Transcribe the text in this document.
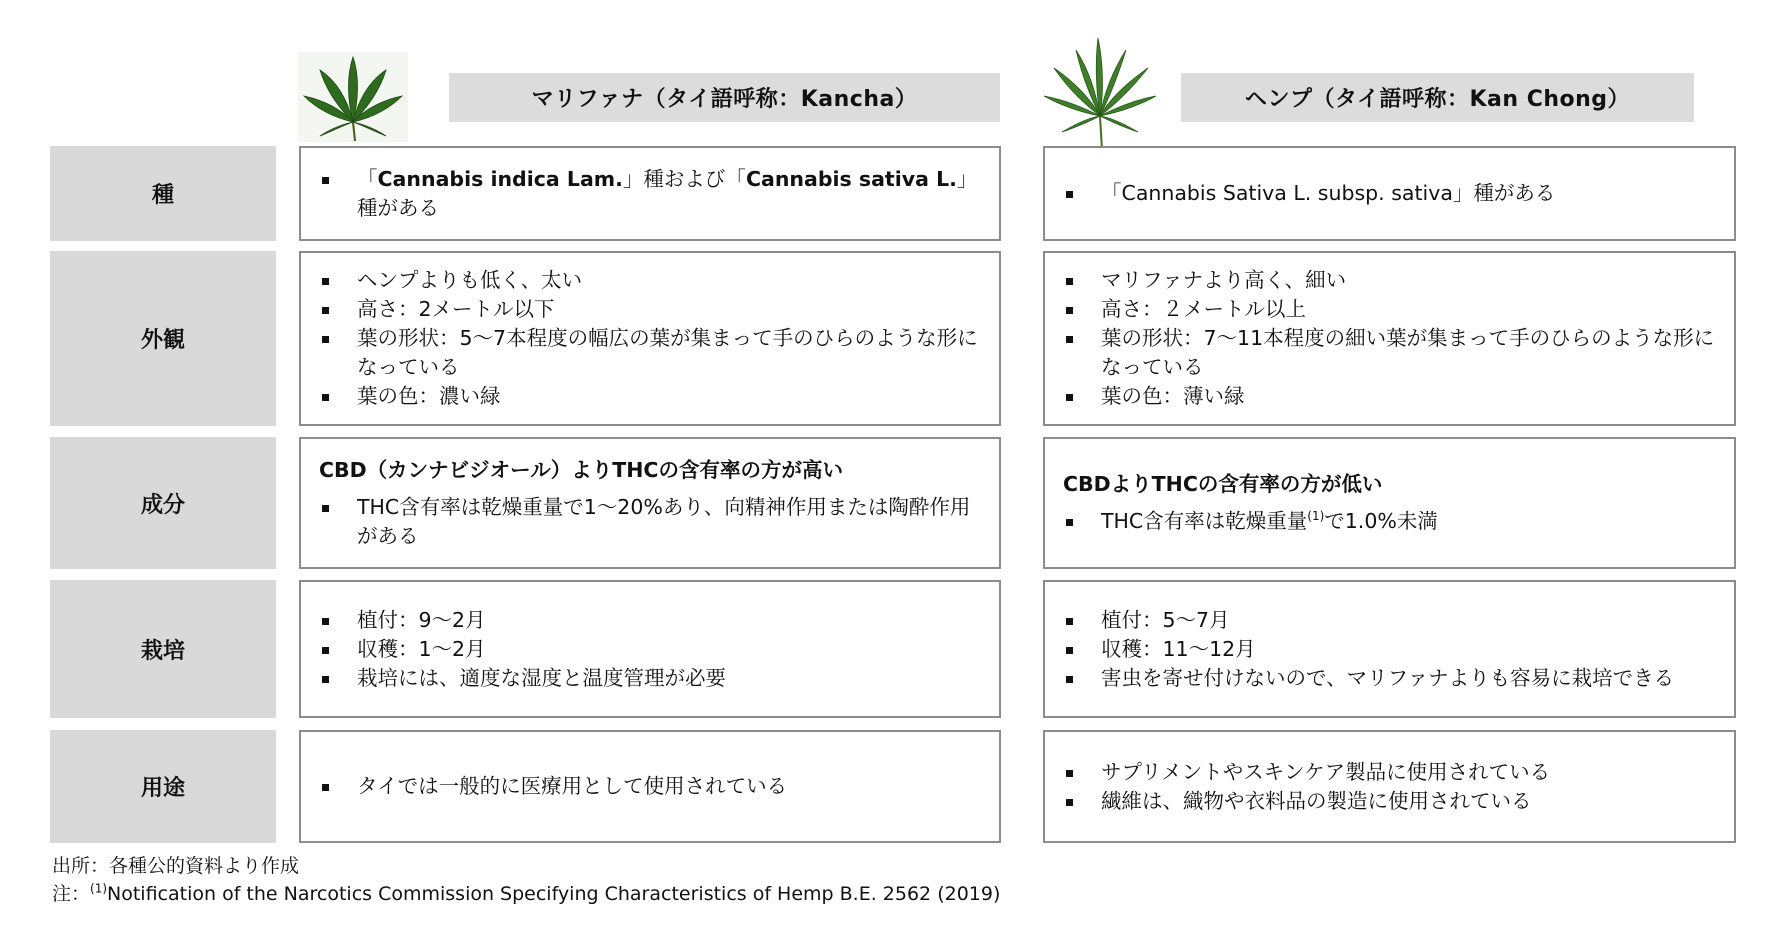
マリファナ（タイ語呼称：Kancha）	ヘンプ（タイ語呼称：Kan Chong）
種
「Cannabis indica Lam.」種および「Cannabis sativa L.」種がある
「Cannabis Sativa L. subsp. sativa」種がある
外観
ヘンプよりも低く、太い
高さ：2メートル以下
葉の形状：5〜7本程度の幅広の葉が集まって手のひらのような形になっている
葉の色：濃い緑
マリファナより高く、細い
高さ：２メートル以上
葉の形状：7〜11本程度の細い葉が集まって手のひらのような形になっている
葉の色：薄い緑
成分
CBD（カンナビジオール）よりTHCの含有率の方が高い
THC含有率は乾燥重量で1〜20%あり、向精神作用または陶酔作用がある
CBDよりTHCの含有率の方が低い
THC含有率は乾燥重量$^{(1)}$で1.0%未満
栽培
植付：9〜2月
収穫：1〜2月
栽培には、適度な湿度と温度管理が必要
植付：5〜7月
収穫：11〜12月
害虫を寄せ付けないので、マリファナよりも容易に栽培できる
用途	タイでは一般的に医療用として使用されている
サプリメントやスキンケア製品に使用されている
繊維は、織物や衣料品の製造に使用されている
出所：各種公的資料より作成
注：$^{(1)}$Notification of the Narcotics Commission Specifying Characteristics of Hemp B.E. 2562 (2019)
